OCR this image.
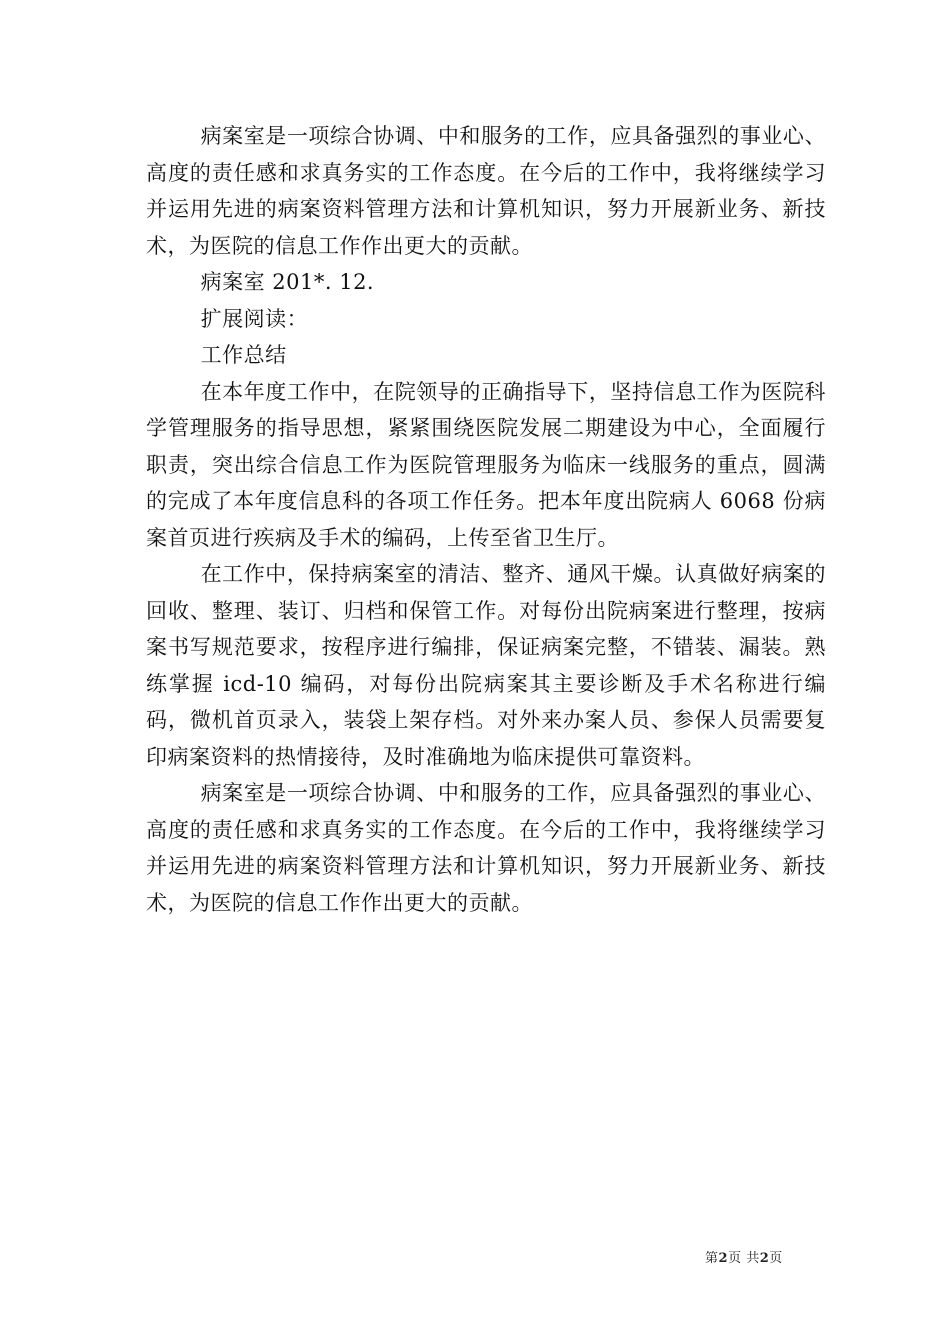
病案室是一项综合协调、中和服务的工作，应具备强烈的事业心、高度的责任感和求真务实的工作态度。在今后的工作中，我将继续学习并运用先进的病案资料管理方法和计算机知识，努力开展新业务、新技术，为医院的信息工作作出更大的贡献。

病案室 201*. 12.

扩展阅读：

工作总结

在本年度工作中，在院领导的正确指导下，坚持信息工作为医院科学管理服务的指导思想，紧紧围绕医院发展二期建设为中心，全面履行职责，突出综合信息工作为医院管理服务为临床一线服务的重点，圆满的完成了本年度信息科的各项工作任务。把本年度出院病人 6068 份病案首页进行疾病及手术的编码，上传至省卫生厅。

在工作中，保持病案室的清洁、整齐、通风干燥。认真做好病案的回收、整理、装订、归档和保管工作。对每份出院病案进行整理，按病案书写规范要求，按程序进行编排，保证病案完整，不错装、漏装。熟练掌握 icd-10 编码，对每份出院病案其主要诊断及手术名称进行编码，微机首页录入，装袋上架存档。对外来办案人员、参保人员需要复印病案资料的热情接待，及时准确地为临床提供可靠资料。

病案室是一项综合协调、中和服务的工作，应具备强烈的事业心、高度的责任感和求真务实的工作态度。在今后的工作中，我将继续学习并运用先进的病案资料管理方法和计算机知识，努力开展新业务、新技术，为医院的信息工作作出更大的贡献。

第2页 共2页
